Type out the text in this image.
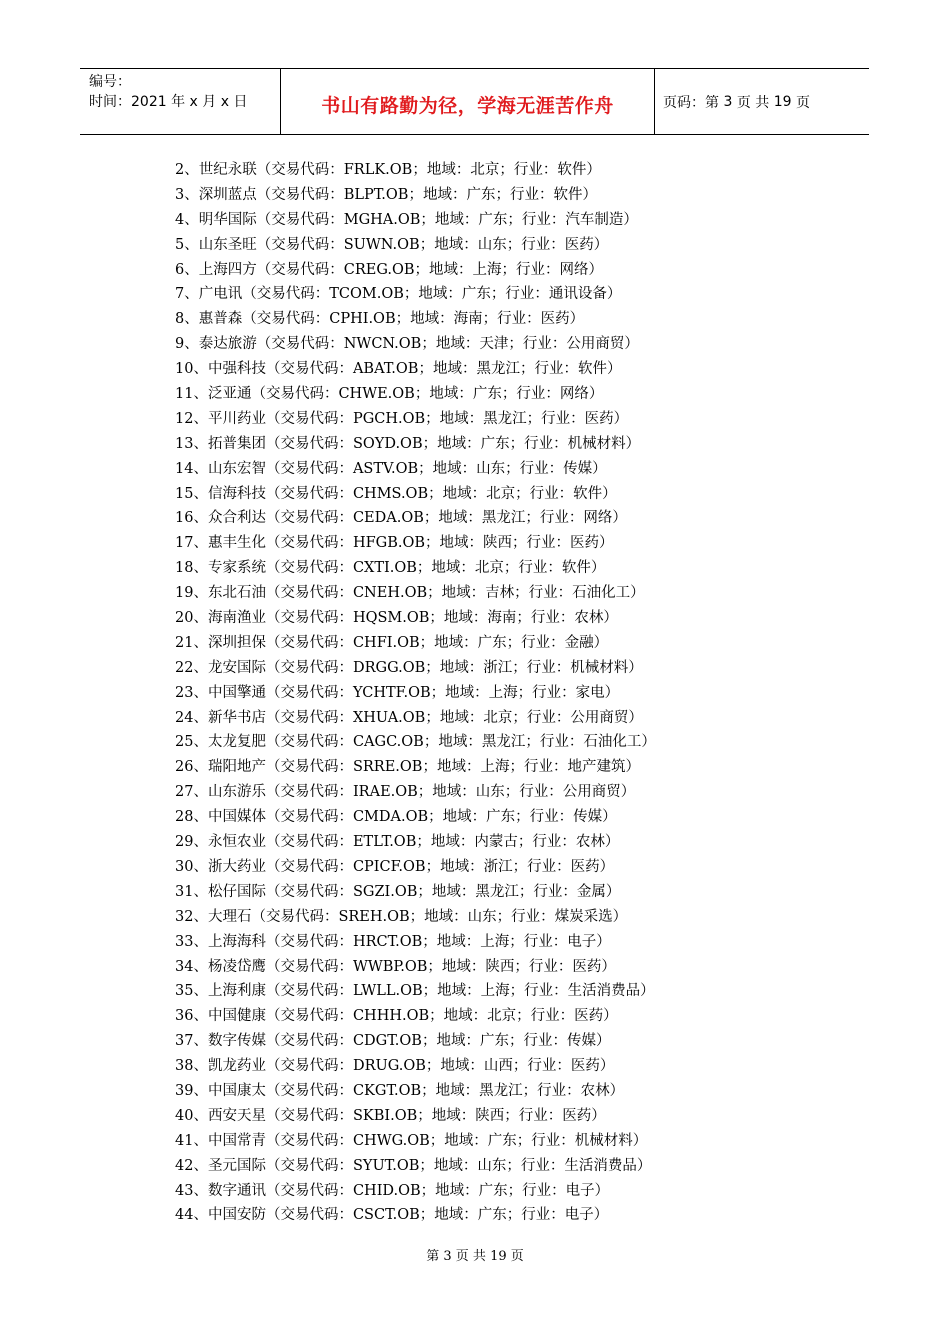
编号：
时间：2021 年 x 月 x 日	书山有路勤为径，学海无涯苦作舟	页码：第
3
页 共
19
页
2、世纪永联（交易代码：FRLK.OB；地域：北京；行业：软件）
3、深圳蓝点（交易代码：BLPT.OB；地域：广东；行业：软件）
4、明华国际（交易代码：MGHA.OB；地域：广东；行业：汽车制造）
5、山东圣旺（交易代码：SUWN.OB；地域：山东；行业：医药）
6、上海四方（交易代码：CREG.OB；地域：上海；行业：网络）
7、广电讯（交易代码：TCOM.OB；地域：广东；行业：通讯设备）
8、惠普森（交易代码：CPHI.OB；地域：海南；行业：医药）
9、泰达旅游（交易代码：NWCN.OB；地域：天津；行业：公用商贸）
10、中强科技（交易代码：ABAT.OB；地域：黑龙江；行业：软件）
11、泛亚通（交易代码：CHWE.OB；地域：广东；行业：网络）
12、平川药业（交易代码：PGCH.OB；地域：黑龙江；行业：医药）
13、拓普集团（交易代码：SOYD.OB；地域：广东；行业：机械材料）
14、山东宏智（交易代码：ASTV.OB；地域：山东；行业：传媒）
15、信海科技（交易代码：CHMS.OB；地域：北京；行业：软件）
16、众合利达（交易代码：CEDA.OB；地域：黑龙江；行业：网络）
17、惠丰生化（交易代码：HFGB.OB；地域：陕西；行业：医药）
18、专家系统（交易代码：CXTI.OB；地域：北京；行业：软件）
19、东北石油（交易代码：CNEH.OB；地域：吉林；行业：石油化工）
20、海南渔业（交易代码：HQSM.OB；地域：海南；行业：农林）
21、深圳担保（交易代码：CHFI.OB；地域：广东；行业：金融）
22、龙安国际（交易代码：DRGG.OB；地域：浙江；行业：机械材料）
23、中国擎通（交易代码：YCHTF.OB；地域：上海；行业：家电）
24、新华书店（交易代码：XHUA.OB；地域：北京；行业：公用商贸）
25、太龙复肥（交易代码：CAGC.OB；地域：黑龙江；行业：石油化工）
26、瑞阳地产（交易代码：SRRE.OB；地域：上海；行业：地产建筑）
27、山东游乐（交易代码：IRAE.OB；地域：山东；行业：公用商贸）
28、中国媒体（交易代码：CMDA.OB；地域：广东；行业：传媒）
29、永恒农业（交易代码：ETLT.OB；地域：内蒙古；行业：农林）
30、浙大药业（交易代码：CPICF.OB；地域：浙江；行业：医药）
31、松仔国际（交易代码：SGZI.OB；地域：黑龙江；行业：金属）
32、大理石（交易代码：SREH.OB；地域：山东；行业：煤炭采选）
33、上海海科（交易代码：HRCT.OB；地域：上海；行业：电子）
34、杨凌岱鹰（交易代码：WWBP.OB；地域：陕西；行业：医药）
35、上海利康（交易代码：LWLL.OB；地域：上海；行业：生活消费品）
36、中国健康（交易代码：CHHH.OB；地域：北京；行业：医药）
37、数字传媒（交易代码：CDGT.OB；地域：广东；行业：传媒）
38、凯龙药业（交易代码：DRUG.OB；地域：山西；行业：医药）
39、中国康太（交易代码：CKGT.OB；地域：黑龙江；行业：农林）
40、西安天星（交易代码：SKBI.OB；地域：陕西；行业：医药）
41、中国常青（交易代码：CHWG.OB；地域：广东；行业：机械材料）
42、圣元国际（交易代码：SYUT.OB；地域：山东；行业：生活消费品）
43、数字通讯（交易代码：CHID.OB；地域：广东；行业：电子）
44、中国安防（交易代码：CSCT.OB；地域：广东；行业：电子）
第 3 页 共 19 页
